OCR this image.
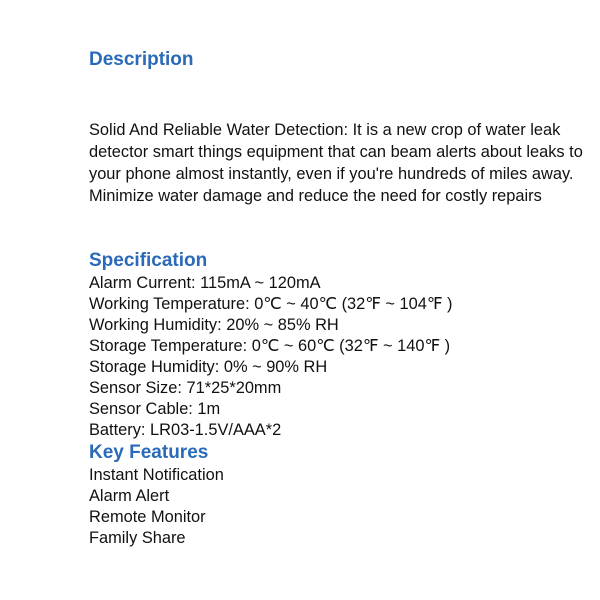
Description
Solid And Reliable Water Detection: It is a new crop of water leak detector smart things equipment that can beam alerts about leaks to your phone almost instantly, even if you're hundreds of miles away. Minimize water damage and reduce the need for costly repairs
Specification
Alarm Current: 115mA ~ 120mA
Working Temperature: 0℃ ~ 40℃ (32℉ ~ 104℉ )
Working Humidity: 20% ~ 85% RH
Storage Temperature: 0℃ ~ 60℃ (32℉ ~ 140℉ )
Storage Humidity: 0% ~ 90% RH
Sensor Size: 71*25*20mm
Sensor Cable: 1m
Battery: LR03-1.5V/AAA*2
Key Features
Instant Notification
Alarm Alert
Remote Monitor
Family Share
